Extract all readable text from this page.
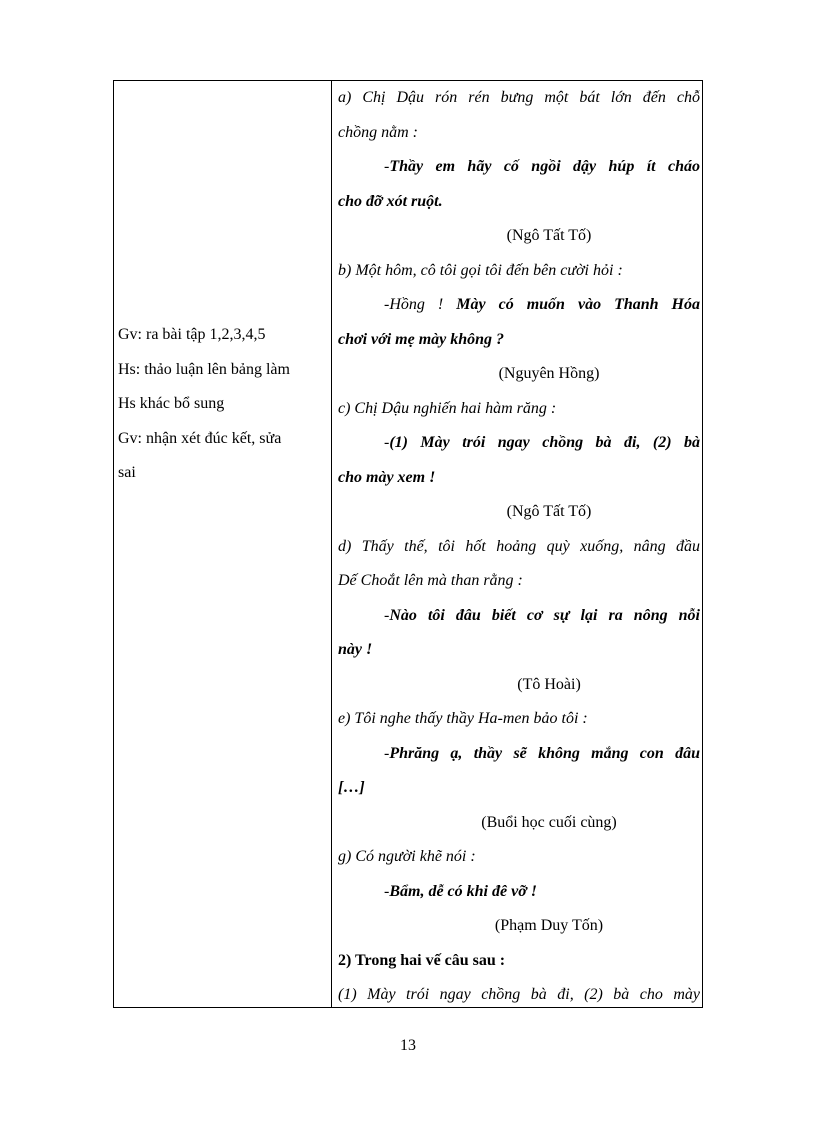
Gv: ra bài tập 1,2,3,4,5
Hs: thảo luận lên bảng làm
Hs khác bổ sung
Gv: nhận xét đúc kết, sửa
sai
a) Chị Dậu rón rén bưng một bát lớn đến chỗ
chồng nằm :
-Thầy em hãy cố ngồi dậy húp ít cháo
cho đỡ xót ruột.
(Ngô Tất Tố)
b) Một hôm, cô tôi gọi tôi đến bên cười hỏi :
-Hồng ! Mày có muốn vào Thanh Hóa
chơi với mẹ mày không ?
(Nguyên Hồng)
c) Chị Dậu nghiến hai hàm răng :
-(1) Mày trói ngay chồng bà đi, (2) bà
cho mày xem !
(Ngô Tất Tố)
d) Thấy thế, tôi hốt hoảng quỳ xuống, nâng đầu
Dế Choắt lên mà than rằng :
-Nào tôi đâu biết cơ sự lại ra nông nỗi
này !
(Tô Hoài)
e) Tôi nghe thấy thầy Ha-men bảo tôi :
-Phrăng ạ, thầy sẽ không mắng con đâu
[…]
(Buổi học cuối cùng)
g) Có người khẽ nói :
-Bẩm, dễ có khi đê vỡ !
(Phạm Duy Tốn)
2) Trong hai vế câu sau :
(1) Mày trói ngay chồng bà đi, (2) bà cho mày
13
